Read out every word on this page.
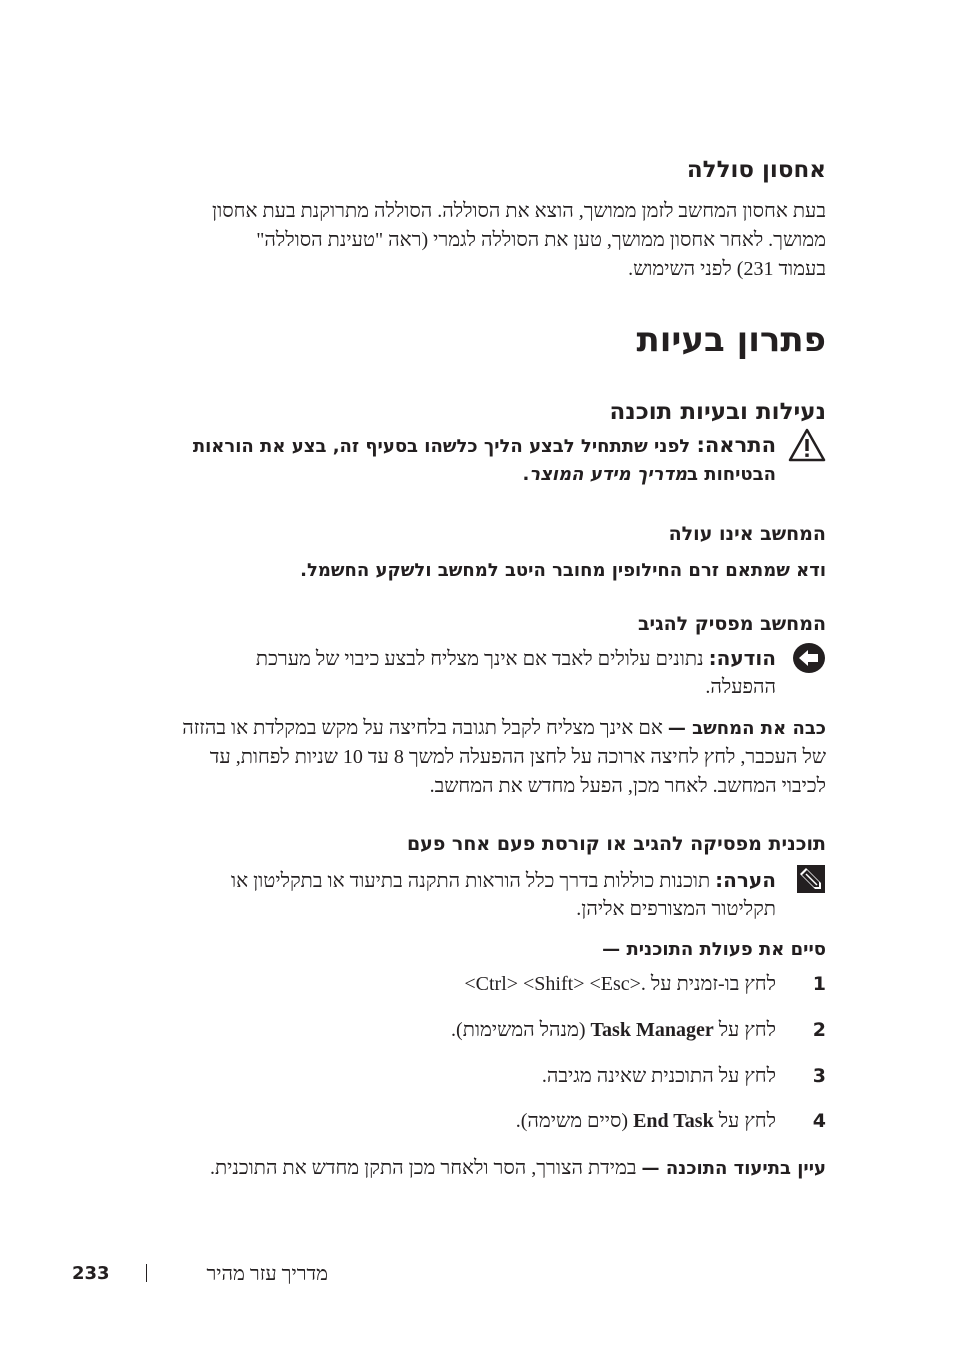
אחסון סוללה
בעת אחסון המחשב לזמן ממושך, הוצא את הסוללה. הסוללה מתרוקנת בעת אחסון
ממושך. לאחר אחסון ממושך, טען את הסוללה לגמרי (ראה "טעינת הסוללה"
בעמוד 231) לפני השימוש.
פתרון בעיות
נעילות ובעיות תוכנה
התראה: לפני שתתחיל לבצע הליך כלשהו בסעיף זה, בצע את הוראות
הבטיחות במדריך מידע המוצר.
המחשב אינו עולה
ודא שמתאם זרם החילופין מחובר היטב למחשב ולשקע החשמל.
המחשב מפסיק להגיב
הודעה: נתונים עלולים לאבד אם אינך מצליח לבצע כיבוי של מערכת
ההפעלה.
כבה את המחשב — אם אינך מצליח לקבל תגובה בלחיצה על מקש במקלדת או בהזזה
של העכבר, לחץ לחיצה ארוכה על לחצן ההפעלה למשך 8 עד 10 שניות לפחות, עד
לכיבוי המחשב. לאחר מכן, הפעל מחדש את המחשב.
תוכנית מפסיקה להגיב או קורסת פעם אחר פעם
הערה: תוכנות כוללות בדרך כלל הוראות התקנה בתיעוד או בתקליטון או
תקליטור המצורפים אליהן.
סיים את פעולת התוכנית —
1
לחץ בו-זמנית על <Ctrl> <Shift> <Esc>.
2
לחץ על Task Manager (מנהל המשימות).
3
לחץ על התוכנית שאינה מגיבה.
4
לחץ על End Task (סיים משימה).
עיין בתיעוד התוכנה — במידת הצורך, הסר ולאחר מכן התקן מחדש את התוכנית.
מדריך עזר מהיר
233
